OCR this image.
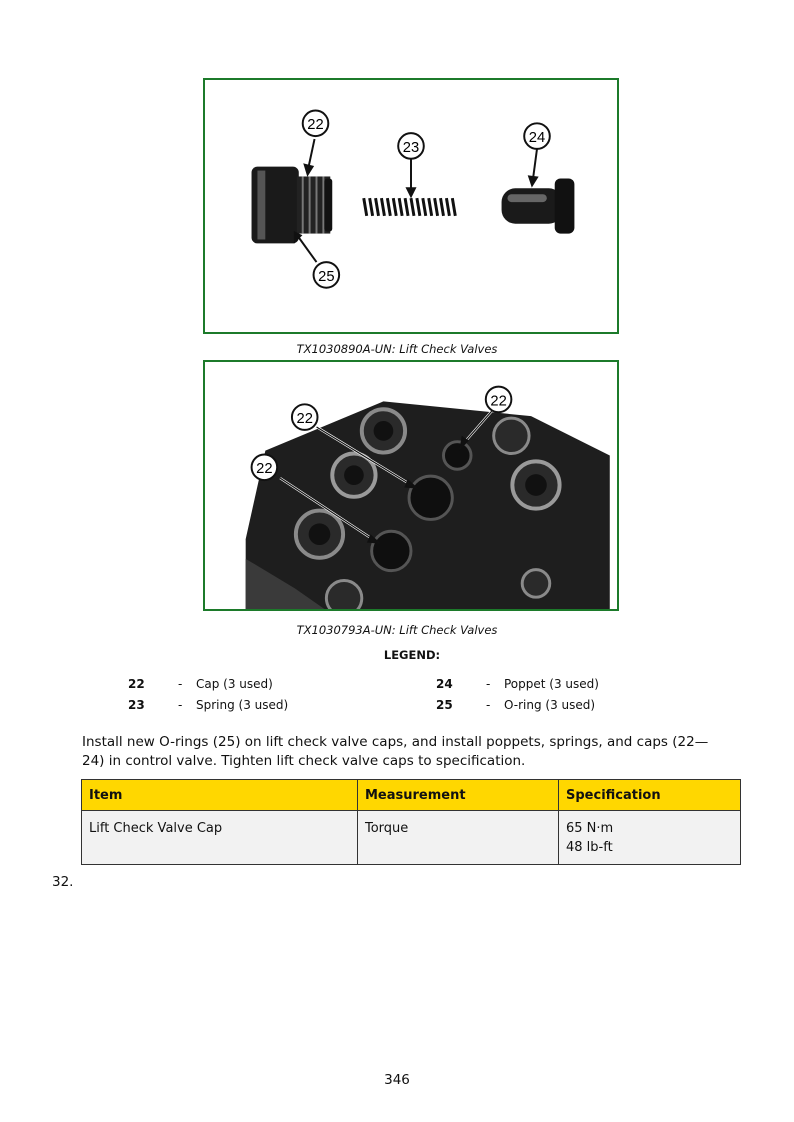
22
23
24
25
TX1030890A-UN: Lift Check Valves
22
22
22
TX1030793A-UN: Lift Check Valves
LEGEND:
22	- Cap (3 used)
23	- Spring (3 used)
24	- Poppet (3 used)
25	- O-ring (3 used)
Install new O-rings (25) on lift check valve caps, and install poppets, springs, and caps (22—24) in control valve. Tighten lift check valve caps to specification.
Item	Measurement	Specification
Lift Check Valve Cap	Torque	65 N·m
48 lb-ft
32.
346
